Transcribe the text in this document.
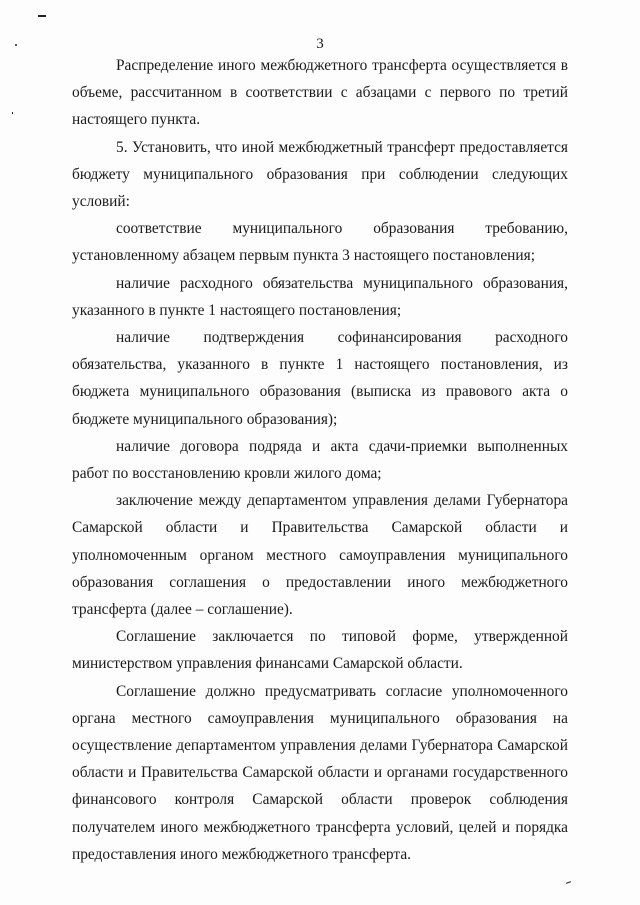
3

Распределение иного межбюджетного трансферта осуществляется в объеме, рассчитанном в соответствии с абзацами с первого по третий настоящего пункта.

5. Установить, что иной межбюджетный трансферт предоставляется бюджету муниципального образования при соблюдении следующих условий:

соответствие муниципального образования требованию, установленному абзацем первым пункта 3 настоящего постановления;

наличие расходного обязательства муниципального образования, указанного в пункте 1 настоящего постановления;

наличие подтверждения софинансирования расходного обязательства, указанного в пункте 1 настоящего постановления, из бюджета муниципального образования (выписка из правового акта о бюджете муниципального образования);

наличие договора подряда и акта сдачи-приемки выполненных работ по восстановлению кровли жилого дома;

заключение между департаментом управления делами Губернатора Самарской области и Правительства Самарской области и уполномоченным органом местного самоуправления муниципального образования соглашения о предоставлении иного межбюджетного трансферта (далее – соглашение).

Соглашение заключается по типовой форме, утвержденной министерством управления финансами Самарской области.

Соглашение должно предусматривать согласие уполномоченного органа местного самоуправления муниципального образования на осуществление департаментом управления делами Губернатора Самарской области и Правительства Самарской области и органами государственного финансового контроля Самарской области проверок соблюдения получателем иного межбюджетного трансферта условий, целей и порядка предоставления иного межбюджетного трансферта.
